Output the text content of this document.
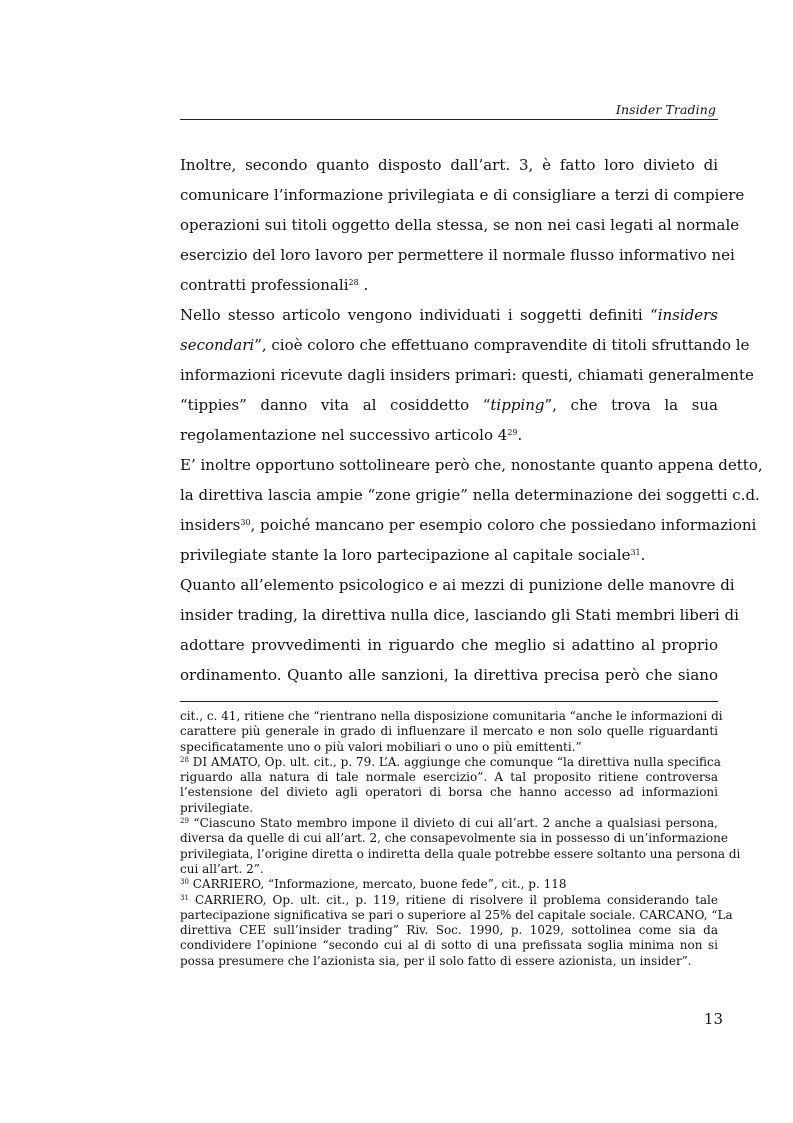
Insider Trading
Inoltre, secondo quanto disposto dall’art. 3, è fatto loro divieto di
comunicare l’informazione privilegiata e di consigliare a terzi di compiere
operazioni sui titoli oggetto della stessa, se non nei casi legati al normale
esercizio del loro lavoro per permettere il normale flusso informativo nei
contratti professionali$^{28}$ .
Nello stesso articolo vengono individuati i soggetti definiti “insiders
secondari”, cioè coloro che effettuano compravendite di titoli sfruttando le
informazioni ricevute dagli insiders primari: questi, chiamati generalmente
“tippies” danno vita al cosiddetto “tipping”, che trova la sua
regolamentazione nel successivo articolo $4^{29}$.
E’ inoltre opportuno sottolineare però che, nonostante quanto appena detto,
la direttiva lascia ampie “zone grigie” nella determinazione dei soggetti c.d.
insiders$^{30}$, poiché mancano per esempio coloro che possiedano informazioni
privilegiate stante la loro partecipazione al capitale sociale$^{31}$.
Quanto all’elemento psicologico e ai mezzi di punizione delle manovre di
insider trading, la direttiva nulla dice, lasciando gli Stati membri liberi di
adottare provvedimenti in riguardo che meglio si adattino al proprio
ordinamento. Quanto alle sanzioni, la direttiva precisa però che siano
cit., c. 41, ritiene che “rientrano nella disposizione comunitaria “anche le informazioni di
carattere più generale in grado di influenzare il mercato e non solo quelle riguardanti
specificatamente uno o più valori mobiliari o uno o più emittenti.”
$^{28}$ DI AMATO, Op. ult. cit., p. 79. L’A. aggiunge che comunque “la direttiva nulla specifica
riguardo alla natura di tale normale esercizio”. A tal proposito ritiene controversa
l’estensione del divieto agli operatori di borsa che hanno accesso ad informazioni
privilegiate.
$^{29}$ “Ciascuno Stato membro impone il divieto di cui all’art. 2 anche a qualsiasi persona,
diversa da quelle di cui all’art. 2, che consapevolmente sia in possesso di un’informazione
privilegiata, l’origine diretta o indiretta della quale potrebbe essere soltanto una persona di
cui all’art. 2”.
$^{30}$ CARRIERO, “Informazione, mercato, buone fede”, cit., p. 118
$^{31}$ CARRIERO, Op. ult. cit., p. 119, ritiene di risolvere il problema considerando tale
partecipazione significativa se pari o superiore al 25% del capitale sociale. CARCANO, “La
direttiva CEE sull’insider trading” Riv. Soc. 1990, p. 1029, sottolinea come sia da
condividere l’opinione “secondo cui al di sotto di una prefissata soglia minima non si
possa presumere che l’azionista sia, per il solo fatto di essere azionista, un insider”.
13
